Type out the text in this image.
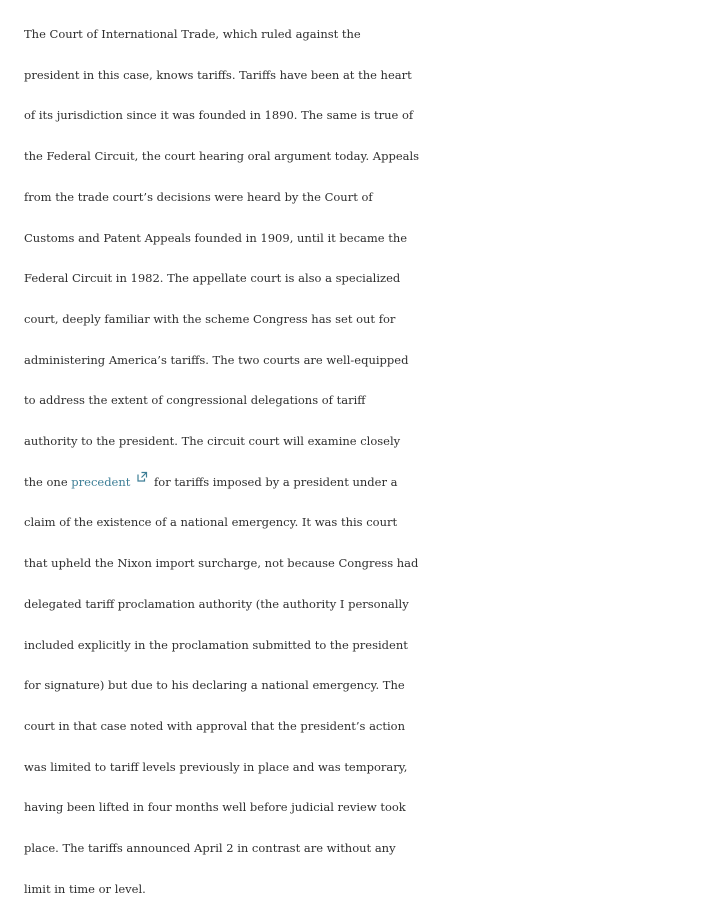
The Court of International Trade, which ruled against the
president in this case, knows tariffs. Tariffs have been at the heart
of its jurisdiction since it was founded in 1890. The same is true of
the Federal Circuit, the court hearing oral argument today. Appeals
from the trade court’s decisions were heard by the Court of
Customs and Patent Appeals founded in 1909, until it became the
Federal Circuit in 1982. The appellate court is also a specialized
court, deeply familiar with the scheme Congress has set out for
administering America’s tariffs. The two courts are well-equipped
to address the extent of congressional delegations of tariff
authority to the president. The circuit court will examine closely
the one precedent for tariffs imposed by a president under a
claim of the existence of a national emergency. It was this court
that upheld the Nixon import surcharge, not because Congress had
delegated tariff proclamation authority (the authority I personally
included explicitly in the proclamation submitted to the president
for signature) but due to his declaring a national emergency. The
court in that case noted with approval that the president’s action
was limited to tariff levels previously in place and was temporary,
having been lifted in four months well before judicial review took
place. The tariffs announced April 2 in contrast are without any
limit in time or level.
